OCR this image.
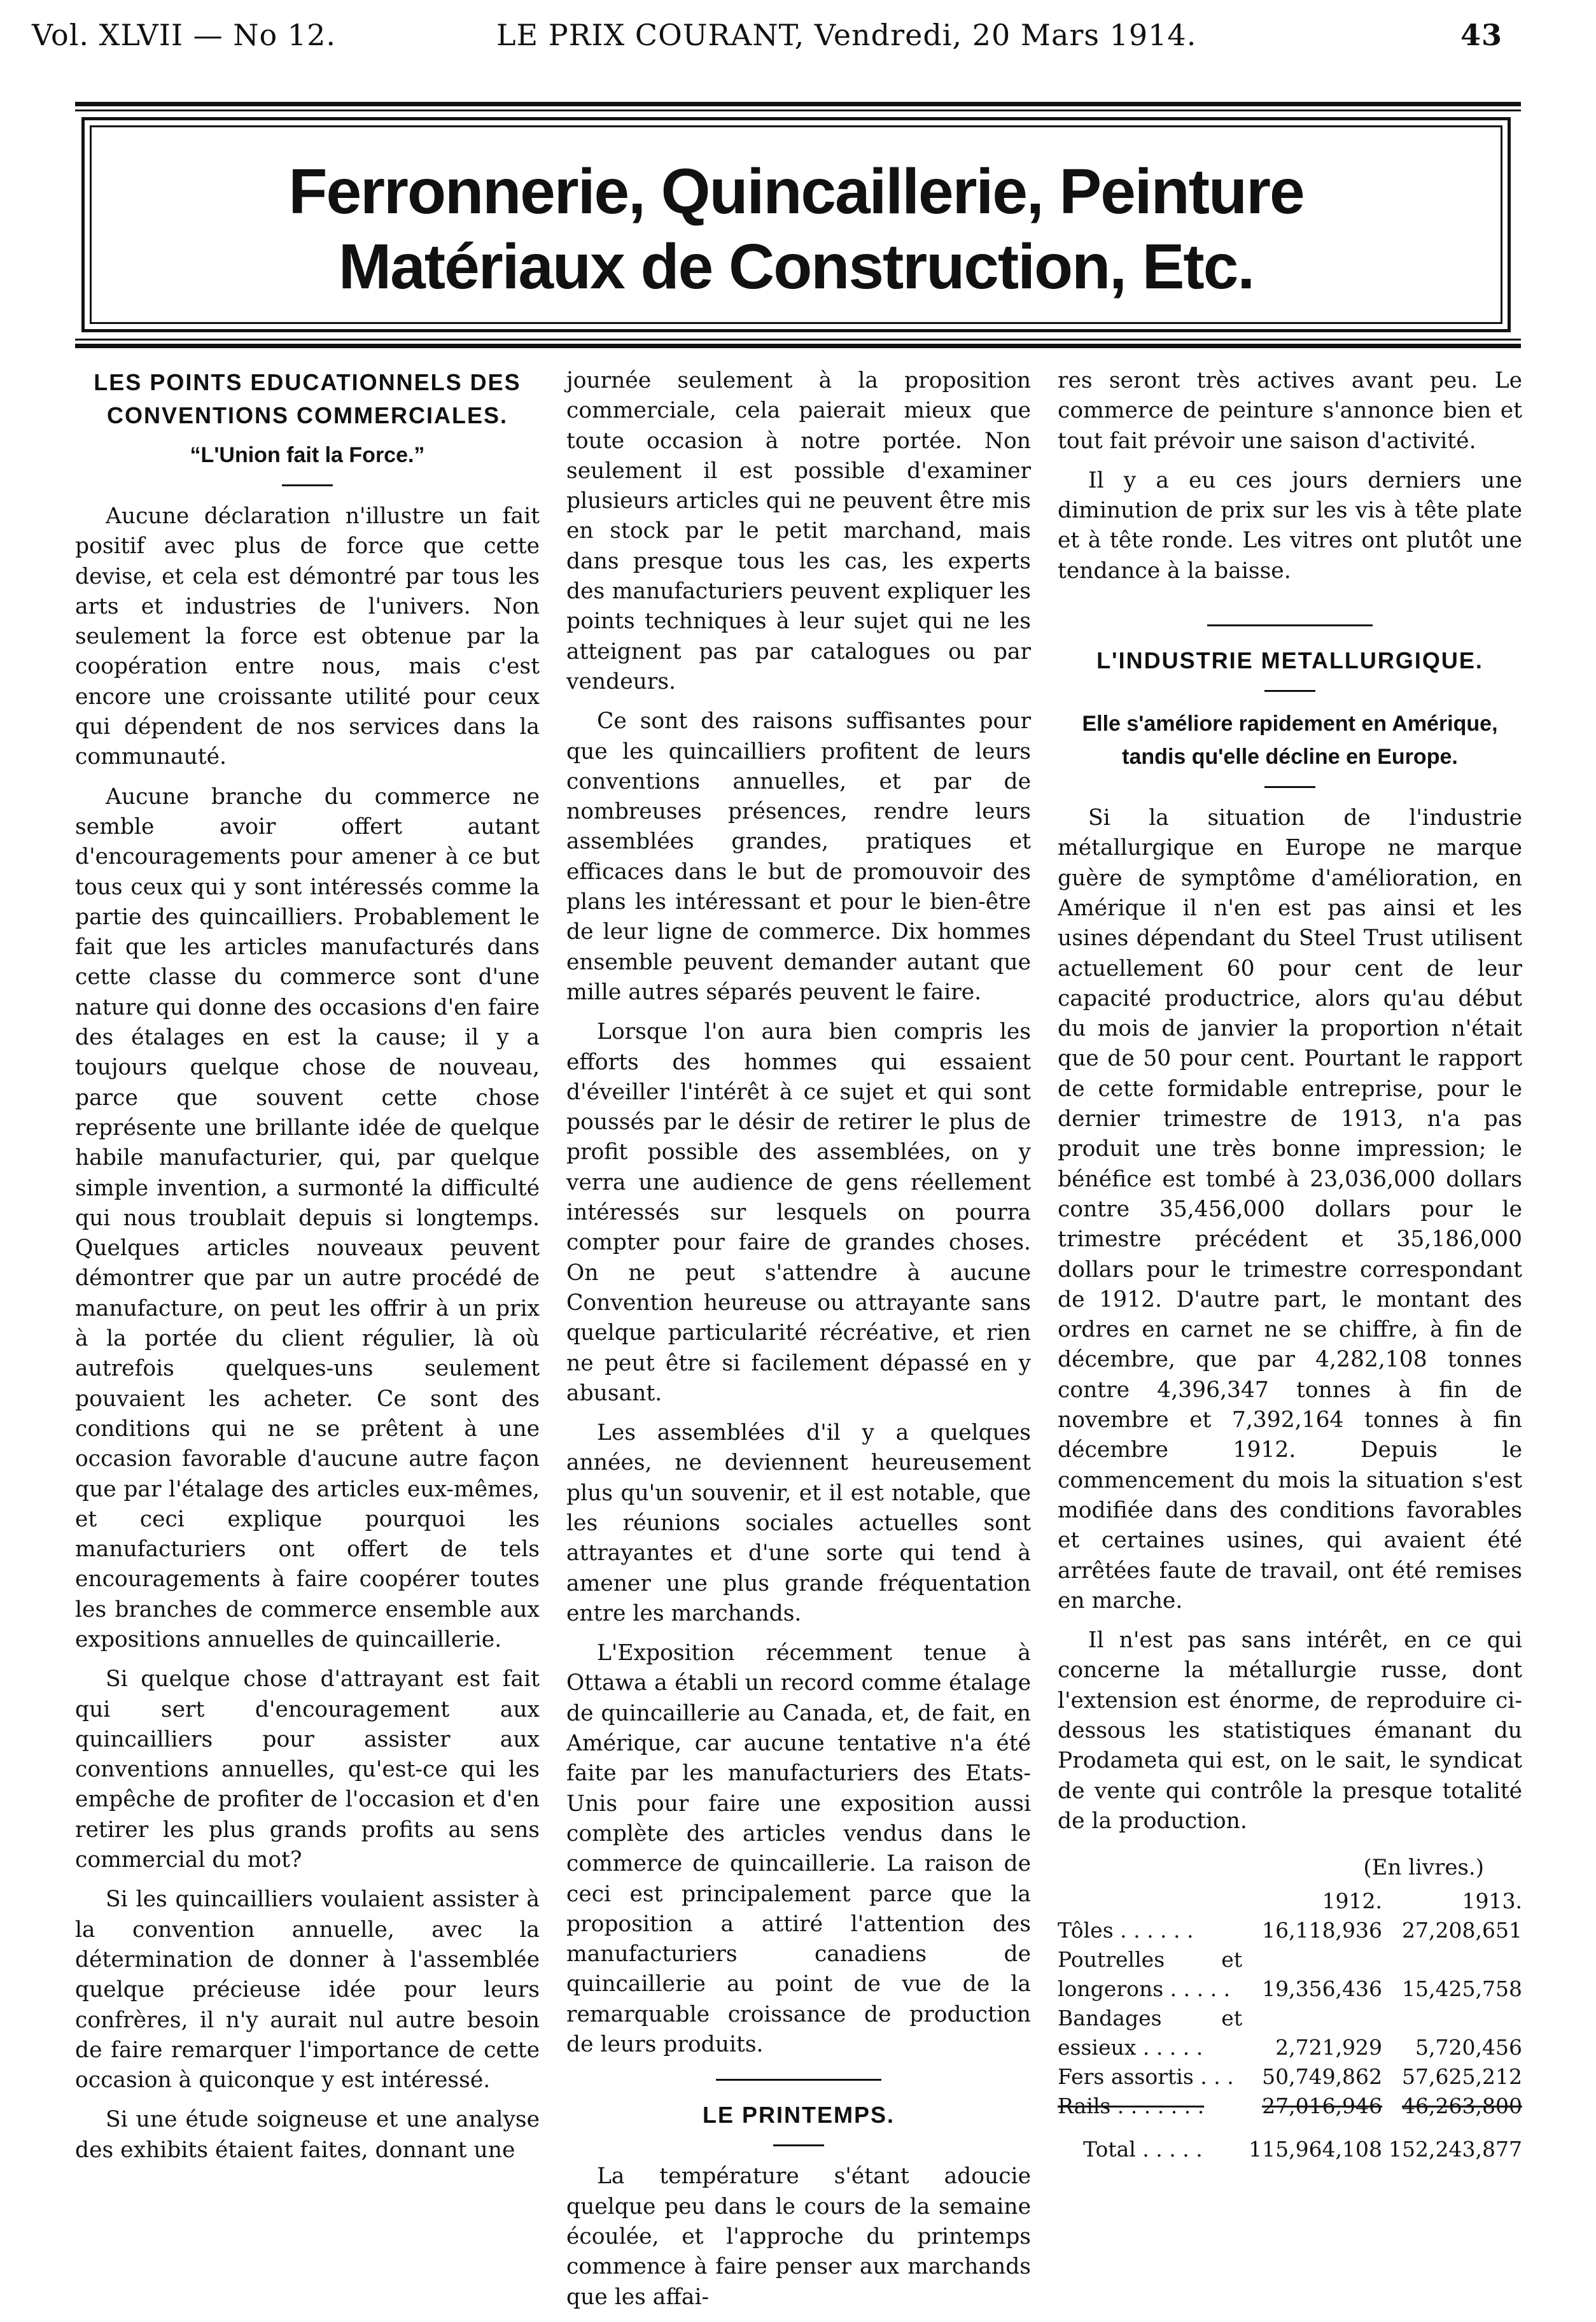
Vol. XLVII — No 12.	LE PRIX COURANT, Vendredi, 20 Mars 1914.	43
Ferronnerie, Quincaillerie, Peinture
Matériaux de Construction, Etc.
LES POINTS EDUCATIONNELS DES CONVENTIONS COMMERCIALES.
“L'Union fait la Force.”

Aucune déclaration n'illustre un fait positif avec plus de force que cette devise, et cela est démontré par tous les arts et industries de l'univers. Non seulement la force est obtenue par la coopération entre nous, mais c'est encore une croissante utilité pour ceux qui dépendent de nos services dans la communauté.

Aucune branche du commerce ne semble avoir offert autant d'encouragements pour amener à ce but tous ceux qui y sont intéressés comme la partie des quincailliers. Probablement le fait que les articles manufacturés dans cette classe du commerce sont d'une nature qui donne des occasions d'en faire des étalages en est la cause; il y a toujours quelque chose de nouveau, parce que souvent cette chose représente une brillante idée de quelque habile manufacturier, qui, par quelque simple invention, a surmonté la difficulté qui nous troublait depuis si longtemps. Quelques articles nouveaux peuvent démontrer que par un autre procédé de manufacture, on peut les offrir à un prix à la portée du client régulier, là où autrefois quelques-uns seulement pouvaient les acheter. Ce sont des conditions qui ne se prêtent à une occasion favorable d'aucune autre façon que par l'étalage des articles eux-mêmes, et ceci explique pourquoi les manufacturiers ont offert de tels encouragements à faire coopérer toutes les branches de commerce ensemble aux expositions annuelles de quincaillerie.

Si quelque chose d'attrayant est fait qui sert d'encouragement aux quincailliers pour assister aux conventions annuelles, qu'est-ce qui les empêche de profiter de l'occasion et d'en retirer les plus grands profits au sens commercial du mot?

Si les quincailliers voulaient assister à la convention annuelle, avec la détermination de donner à l'assemblée quelque précieuse idée pour leurs confrères, il n'y aurait nul autre besoin de faire remarquer l'importance de cette occasion à quiconque y est intéressé.

Si une étude soigneuse et une analyse des exhibits étaient faites, donnant une

journée seulement à la proposition commerciale, cela paierait mieux que toute occasion à notre portée. Non seulement il est possible d'examiner plusieurs articles qui ne peuvent être mis en stock par le petit marchand, mais dans presque tous les cas, les experts des manufacturiers peuvent expliquer les points techniques à leur sujet qui ne les atteignent pas par catalogues ou par vendeurs.

Ce sont des raisons suffisantes pour que les quincailliers profitent de leurs conventions annuelles, et par de nombreuses présences, rendre leurs assemblées grandes, pratiques et efficaces dans le but de promouvoir des plans les intéressant et pour le bien-être de leur ligne de commerce. Dix hommes ensemble peuvent demander autant que mille autres séparés peuvent le faire.

Lorsque l'on aura bien compris les efforts des hommes qui essaient d'éveiller l'intérêt à ce sujet et qui sont poussés par le désir de retirer le plus de profit possible des assemblées, on y verra une audience de gens réellement intéressés sur lesquels on pourra compter pour faire de grandes choses. On ne peut s'attendre à aucune Convention heureuse ou attrayante sans quelque particularité récréative, et rien ne peut être si facilement dépassé en y abusant.

Les assemblées d'il y a quelques années, ne deviennent heureusement plus qu'un souvenir, et il est notable, que les réunions sociales actuelles sont attrayantes et d'une sorte qui tend à amener une plus grande fréquentation entre les marchands.

L'Exposition récemment tenue à Ottawa a établi un record comme étalage de quincaillerie au Canada, et, de fait, en Amérique, car aucune tentative n'a été faite par les manufacturiers des Etats-Unis pour faire une exposition aussi complète des articles vendus dans le commerce de quincaillerie. La raison de ceci est principalement parce que la proposition a attiré l'attention des manufacturiers canadiens de quincaillerie au point de vue de la remarquable croissance de production de leurs produits.

LE PRINTEMPS.

La température s'étant adoucie quelque peu dans le cours de la semaine écoulée, et l'approche du printemps commence à faire penser aux marchands que les affai-

res seront très actives avant peu. Le commerce de peinture s'annonce bien et tout fait prévoir une saison d'activité.

Il y a eu ces jours derniers une diminution de prix sur les vis à tête plate et à tête ronde. Les vitres ont plutôt une tendance à la baisse.

L'INDUSTRIE METALLURGIQUE.
Elle s'améliore rapidement en Amérique, tandis qu'elle décline en Europe.

Si la situation de l'industrie métallurgique en Europe ne marque guère de symptôme d'amélioration, en Amérique il n'en est pas ainsi et les usines dépendant du Steel Trust utilisent actuellement 60 pour cent de leur capacité productrice, alors qu'au début du mois de janvier la proportion n'était que de 50 pour cent. Pourtant le rapport de cette formidable entreprise, pour le dernier trimestre de 1913, n'a pas produit une très bonne impression; le bénéfice est tombé à 23,036,000 dollars contre 35,456,000 dollars pour le trimestre précédent et 35,186,000 dollars pour le trimestre correspondant de 1912. D'autre part, le montant des ordres en carnet ne se chiffre, à fin de décembre, que par 4,282,108 tonnes contre 4,396,347 tonnes à fin de novembre et 7,392,164 tonnes à fin décembre 1912. Depuis le commencement du mois la situation s'est modifiée dans des conditions favorables et certaines usines, qui avaient été arrêtées faute de travail, ont été remises en marche.

Il n'est pas sans intérêt, en ce qui concerne la métallurgie russe, dont l'extension est énorme, de reproduire ci-dessous les statistiques émanant du Prodameta qui est, on le sait, le syndicat de vente qui contrôle la presque totalité de la production.

(En livres.)
	1912.	1913.
Tôles . . . . . .	16,118,936	27,208,651
Poutrelles et longerons . . . . .	19,356,436	15,425,758
Bandages et essieux . . . . .	2,721,929	5,720,456
Fers assortis . . .	50,749,862	57,625,212
Rails . . . . . . .	27,016,946	46,263,800
Total . . . . .	115,964,108	152,243,877
